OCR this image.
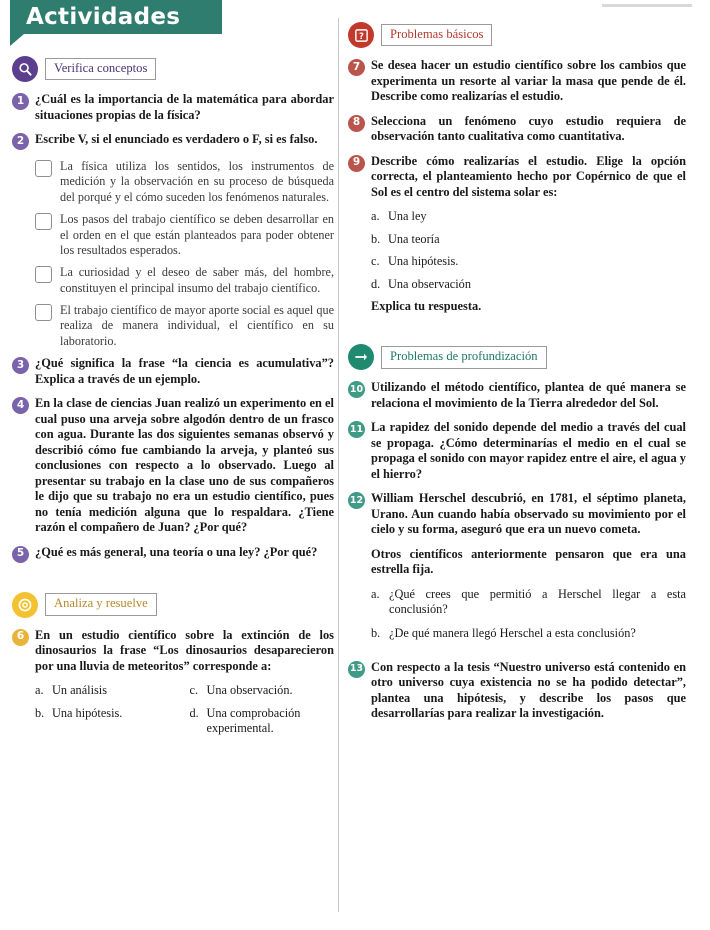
Actividades
Verifica conceptos
1 ¿Cuál es la importancia de la matemática para abordar situaciones propias de la física?
2 Escribe V, si el enunciado es verdadero o F, si es falso.
La física utiliza los sentidos, los instrumentos de medición y la observación en su proceso de búsqueda del porqué y el cómo suceden los fenómenos naturales.
Los pasos del trabajo científico se deben desarrollar en el orden en el que están planteados para poder obtener los resultados esperados.
La curiosidad y el deseo de saber más, del hombre, constituyen el principal insumo del trabajo científico.
El trabajo científico de mayor aporte social es aquel que realiza de manera individual, el científico en su laboratorio.
3 ¿Qué significa la frase “la ciencia es acumulativa”? Explica a través de un ejemplo.
4 En la clase de ciencias Juan realizó un experimento en el cual puso una arveja sobre algodón dentro de un frasco con agua. Durante las dos siguientes semanas observó y describió cómo fue cambiando la arveja, y planteó sus conclusiones con respecto a lo observado. Luego al presentar su trabajo en la clase uno de sus compañeros le dijo que su trabajo no era un estudio científico, pues no tenía medición alguna que lo respaldara. ¿Tiene razón el compañero de Juan? ¿Por qué?
5 ¿Qué es más general, una teoría o una ley? ¿Por qué?
Analiza y resuelve
6 En un estudio científico sobre la extinción de los dinosaurios la frase “Los dinosaurios desaparecieron por una lluvia de meteoritos” corresponde a:
a. Un análisis
b. Una hipótesis.
c. Una observación.
d. Una comprobación experimental.
?	Problemas básicos
7 Se desea hacer un estudio científico sobre los cambios que experimenta un resorte al variar la masa que pende de él. Describe como realizarías el estudio.
8 Selecciona un fenómeno cuyo estudio requiera de observación tanto cualitativa como cuantitativa.
9 Describe cómo realizarías el estudio. Elige la opción correcta, el planteamiento hecho por Copérnico de que el Sol es el centro del sistema solar es:
a. Una ley
b. Una teoría
c. Una hipótesis.
d. Una observación
Explica tu respuesta.
Problemas de profundización
10 Utilizando el método científico, plantea de qué manera se relaciona el movimiento de la Tierra alrededor del Sol.
11 La rapidez del sonido depende del medio a través del cual se propaga. ¿Cómo determinarías el medio en el cual se propaga el sonido con mayor rapidez entre el aire, el agua y el hierro?
12 William Herschel descubrió, en 1781, el séptimo planeta, Urano. Aun cuando había observado su movimiento por el cielo y su forma, aseguró que era un nuevo cometa.
Otros científicos anteriormente pensaron que era una estrella fija.
a. ¿Qué crees que permitió a Herschel llegar a esta conclusión?
b. ¿De qué manera llegó Herschel a esta conclusión?
13 Con respecto a la tesis “Nuestro universo está contenido en otro universo cuya existencia no se ha podido detectar”, plantea una hipótesis, y describe los pasos que desarrollarías para realizar la investigación.
